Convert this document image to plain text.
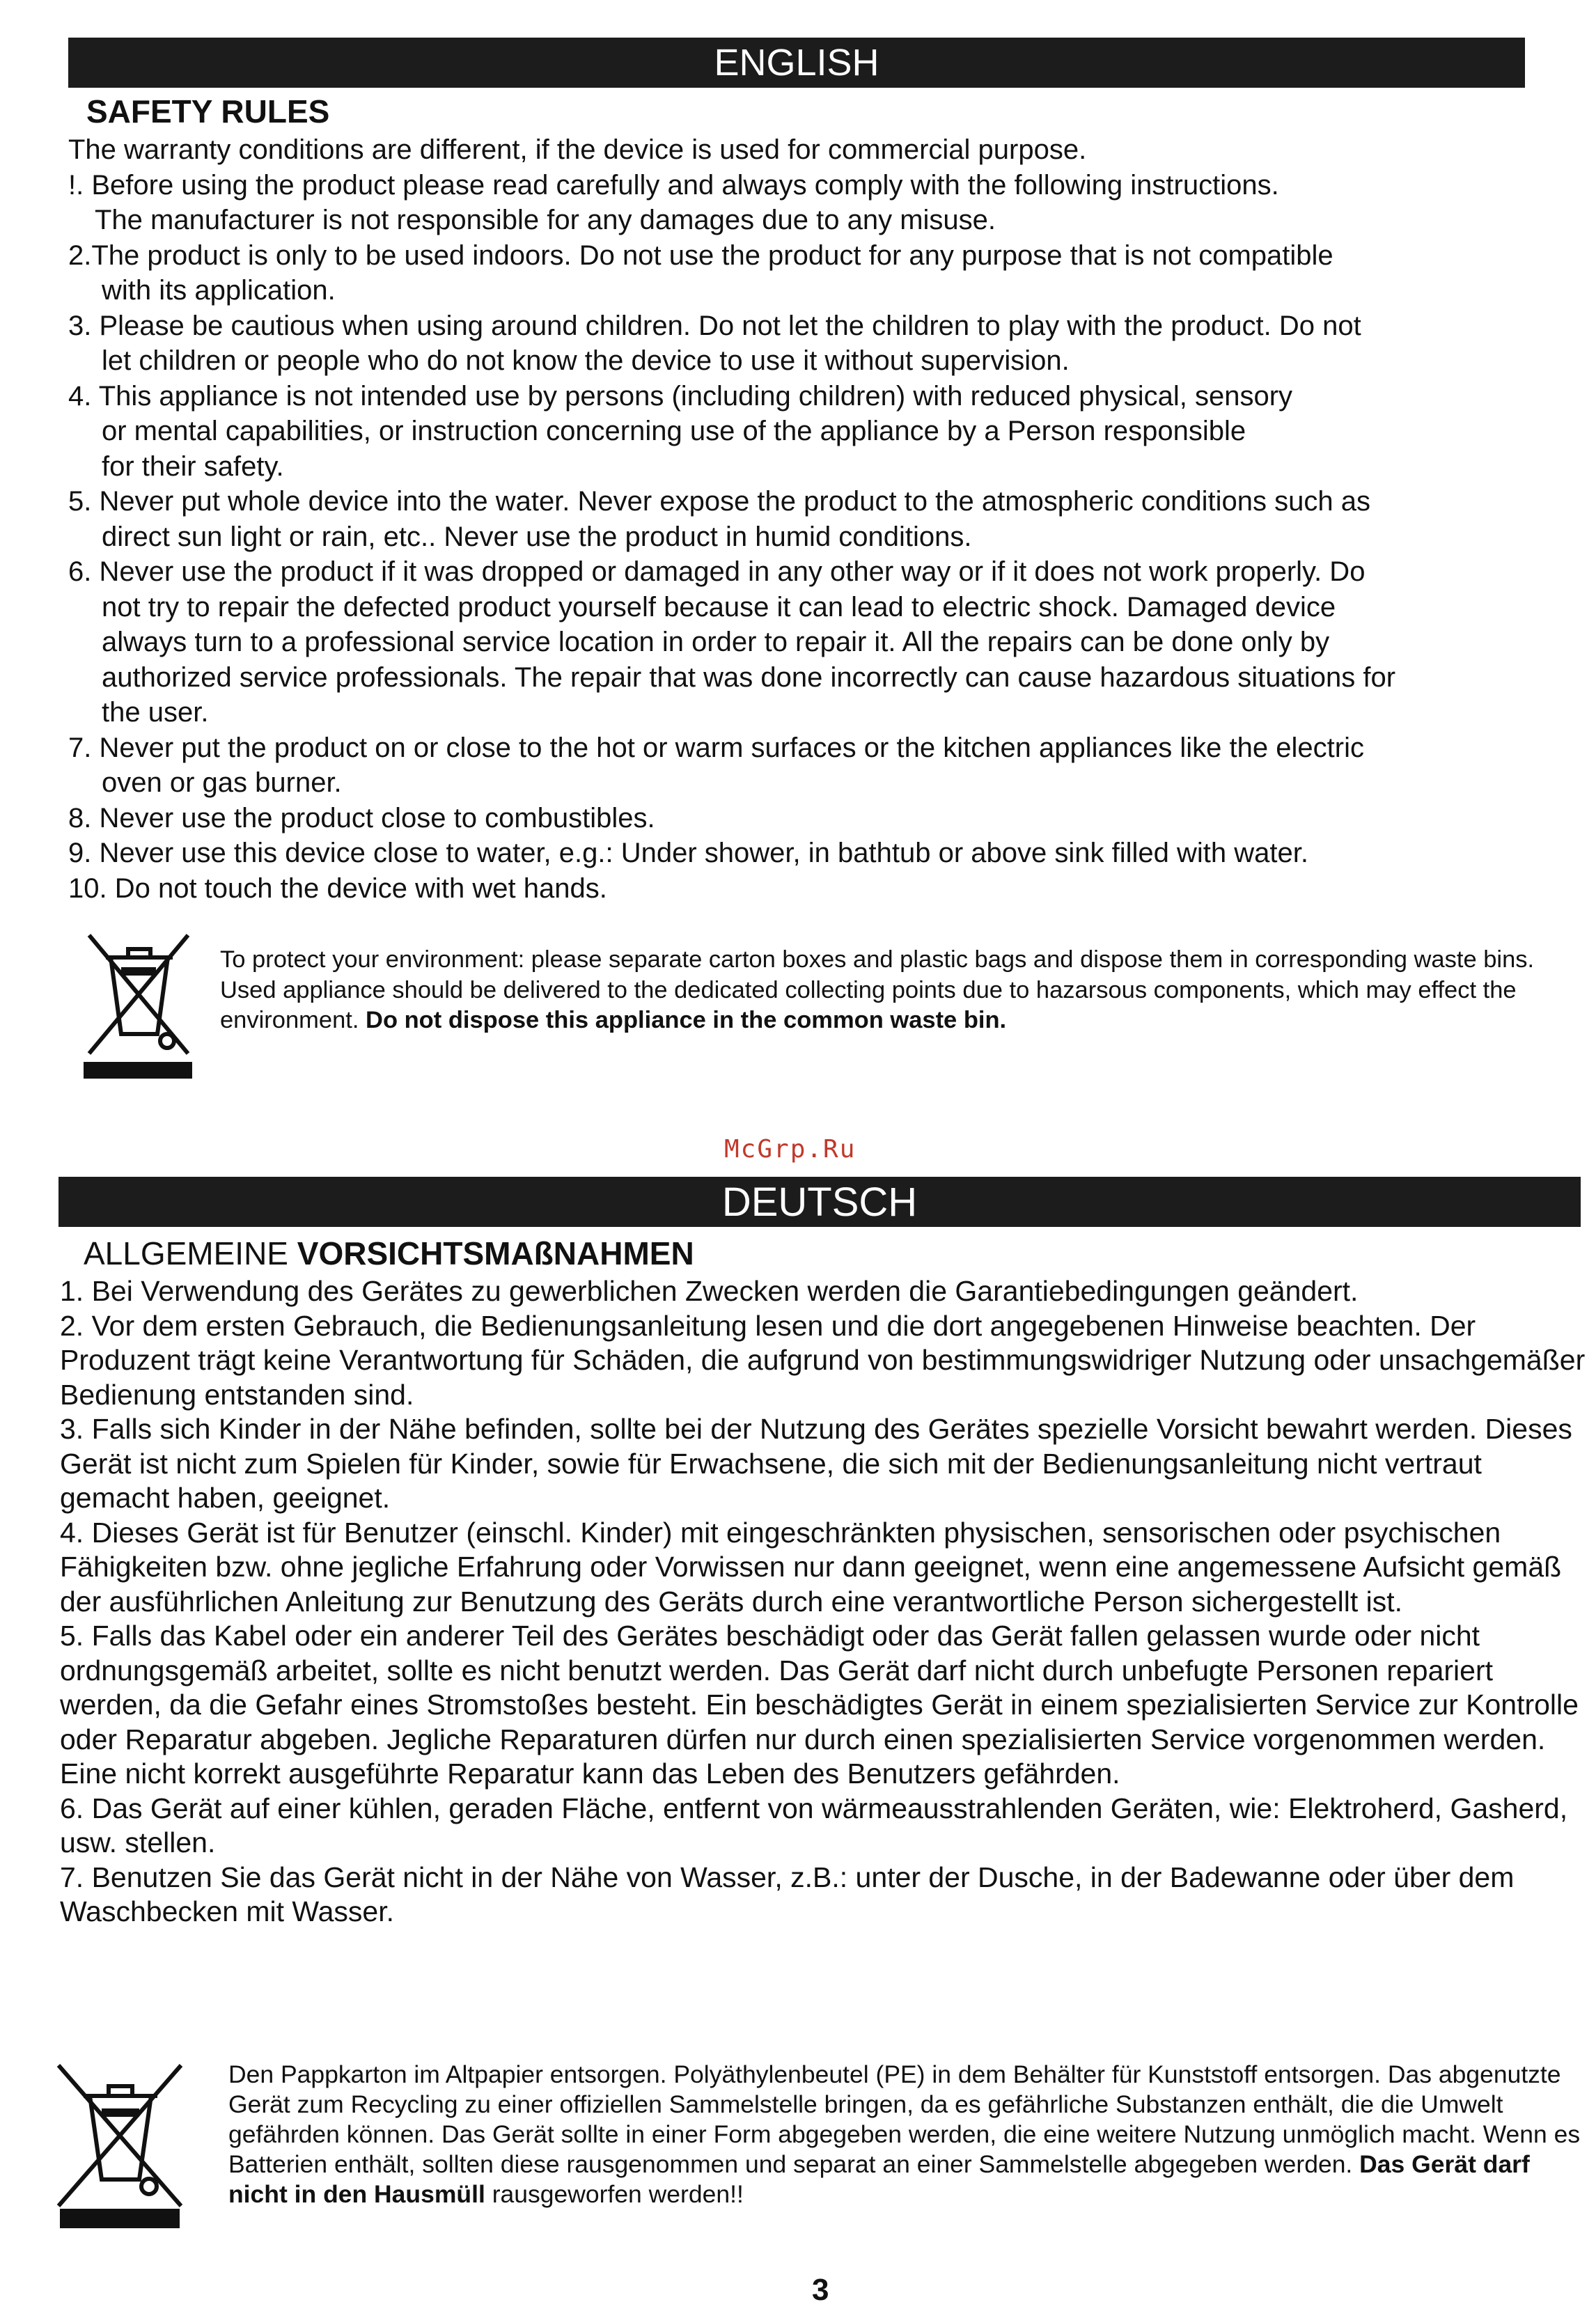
ENGLISH
SAFETY RULES
The warranty conditions are different, if the device is used for commercial purpose.
!. Before using the product please read carefully and always comply with the following instructions.
The manufacturer is not responsible for any damages due to any misuse.
2.The product is only to be used indoors. Do not use the product for any purpose that is not compatible
with its application.
3. Please be cautious when using around children. Do not let the children to play with the product. Do not
let children or people who do not know the device to use it without supervision.
4. This appliance is not intended use by persons (including children) with reduced physical, sensory
or mental capabilities, or instruction concerning use of the appliance by a Person responsible
for their safety.
5. Never put whole device into the water. Never expose the product to the atmospheric conditions such as
direct sun light or rain, etc.. Never use the product in humid conditions.
6. Never use the product if it was dropped or damaged in any other way or if it does not work properly. Do
not try to repair the defected product yourself because it can lead to electric shock. Damaged device
always turn to a professional service location in order to repair it. All the repairs can be done only by
authorized service professionals. The repair that was done incorrectly can cause hazardous situations for
the user.
7. Never put the product on or close to the hot or warm surfaces or the kitchen appliances like the electric
oven or gas burner.
8. Never use the product close to combustibles.
9. Never use this device close to water, e.g.: Under shower, in bathtub or above sink filled with water.
10. Do not touch the device with wet hands.
To protect your environment: please separate carton boxes and plastic bags and dispose them in corresponding waste bins. Used appliance should be delivered to the dedicated collecting points due to hazarsous components, which may effect the environment. Do not dispose this appliance in the common waste bin.
McGrp.Ru
DEUTSCH
ALLGEMEINE VORSICHTSMAßNAHMEN
1. Bei Verwendung des Gerätes zu gewerblichen Zwecken werden die Garantiebedingungen geändert.
2. Vor dem ersten Gebrauch, die Bedienungsanleitung lesen und die dort angegebenen Hinweise beachten. Der Produzent trägt keine Verantwortung für Schäden, die aufgrund von bestimmungswidriger Nutzung oder unsachgemäßer Bedienung entstanden sind.
3. Falls sich Kinder in der Nähe befinden, sollte bei der Nutzung des Gerätes spezielle Vorsicht bewahrt werden. Dieses Gerät ist nicht zum Spielen für Kinder, sowie für Erwachsene, die sich mit der Bedienungsanleitung nicht vertraut gemacht haben, geeignet.
4. Dieses Gerät ist für Benutzer (einschl. Kinder) mit eingeschränkten physischen, sensorischen oder psychischen Fähigkeiten bzw. ohne jegliche Erfahrung oder Vorwissen nur dann geeignet, wenn eine angemessene Aufsicht gemäß der ausführlichen Anleitung zur Benutzung des Geräts durch eine verantwortliche Person sichergestellt ist.
5. Falls das Kabel oder ein anderer Teil des Gerätes beschädigt oder das Gerät fallen gelassen wurde oder nicht ordnungsgemäß arbeitet, sollte es nicht benutzt werden. Das Gerät darf nicht durch unbefugte Personen repariert werden, da die Gefahr eines Stromstoßes besteht. Ein beschädigtes Gerät in einem spezialisierten Service zur Kontrolle oder Reparatur abgeben. Jegliche Reparaturen dürfen nur durch einen spezialisierten Service vorgenommen werden. Eine nicht korrekt ausgeführte Reparatur kann das Leben des Benutzers gefährden.
6. Das Gerät auf einer kühlen, geraden Fläche, entfernt von wärmeausstrahlenden Geräten, wie: Elektroherd, Gasherd, usw. stellen.
7. Benutzen Sie das Gerät nicht in der Nähe von Wasser, z.B.: unter der Dusche, in der Badewanne oder über dem Waschbecken mit Wasser.
Den Pappkarton im Altpapier entsorgen. Polyäthylenbeutel (PE) in dem Behälter für Kunststoff entsorgen. Das abgenutzte Gerät zum Recycling zu einer offiziellen Sammelstelle bringen, da es gefährliche Substanzen enthält, die die Umwelt gefährden können. Das Gerät sollte in einer Form abgegeben werden, die eine weitere Nutzung unmöglich macht. Wenn es Batterien enthält, sollten diese rausgenommen und separat an einer Sammelstelle abgegeben werden. Das Gerät darf nicht in den Hausmüll rausgeworfen werden!!
3
